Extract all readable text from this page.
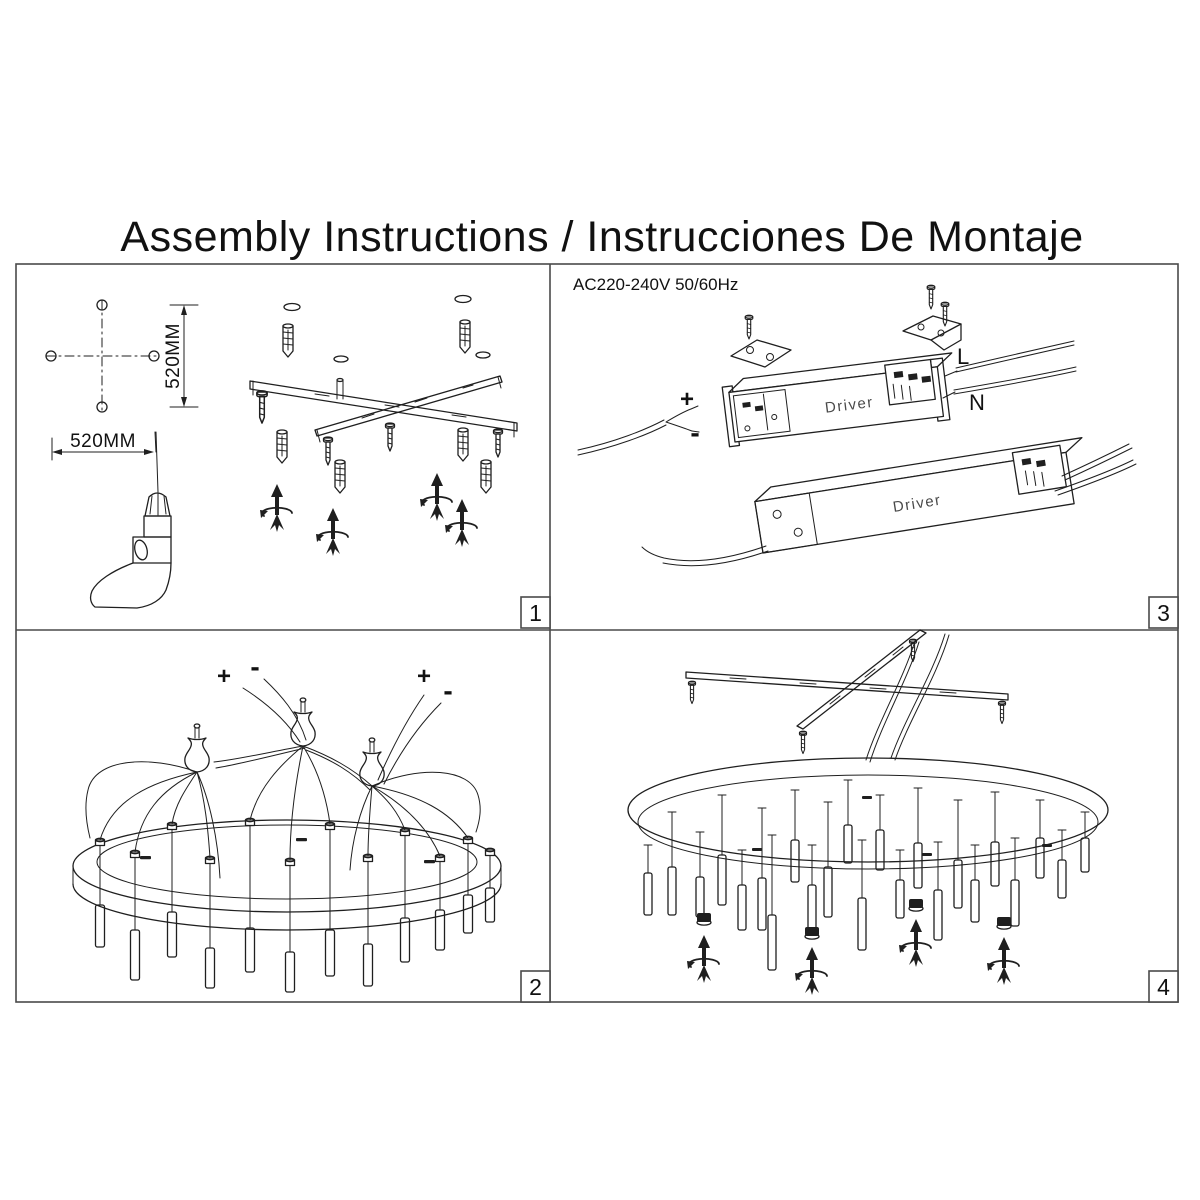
Assembly Instructions / Instrucciones De Montaje
520MM
520MM
1
AC220-240V 50/60Hz
Driver
+
-
L
N
Driver
3
+ -	+ -
2	4
